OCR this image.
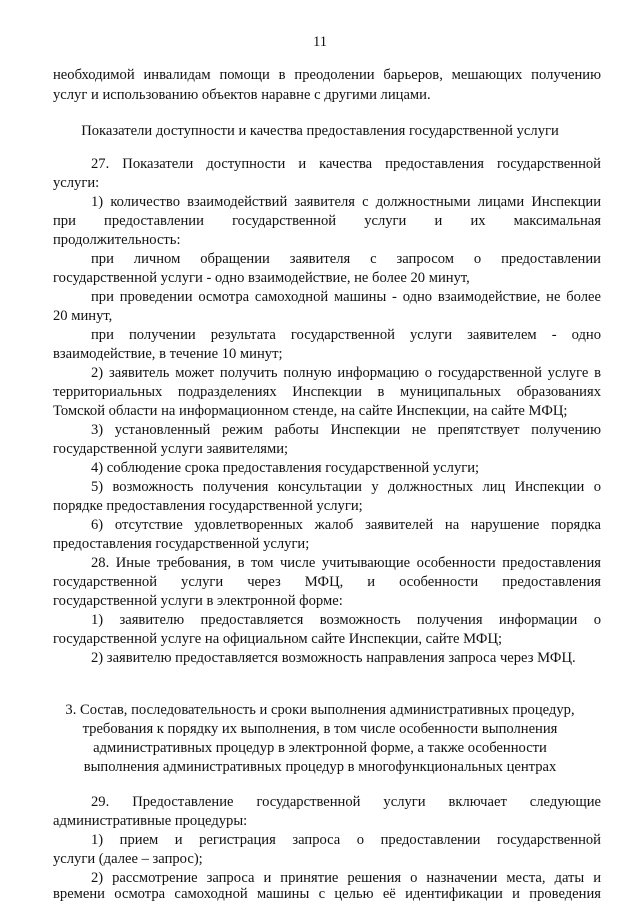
11
необходимой инвалидам помощи в преодолении барьеров, мешающих получению
услуг и использованию объектов наравне с другими лицами.
Показатели доступности и качества предоставления государственной услуги
27. Показатели доступности и качества предоставления государственной
услуги:
1) количество взаимодействий заявителя с должностными лицами Инспекции
при предоставлении государственной услуги и их максимальная
продолжительность:
при личном обращении заявителя с запросом о предоставлении
государственной услуги - одно взаимодействие, не более 20 минут,
при проведении осмотра самоходной машины - одно взаимодействие, не более
20 минут,
при получении результата государственной услуги заявителем - одно
взаимодействие, в течение 10 минут;
2) заявитель может получить полную информацию о государственной услуге в
территориальных подразделениях Инспекции в муниципальных образованиях
Томской области на информационном стенде, на сайте Инспекции, на сайте МФЦ;
3) установленный режим работы Инспекции не препятствует получению
государственной услуги заявителями;
4) соблюдение срока предоставления государственной услуги;
5) возможность получения консультации у должностных лиц Инспекции о
порядке предоставления государственной услуги;
6) отсутствие удовлетворенных жалоб заявителей на нарушение порядка
предоставления государственной услуги;
28. Иные требования, в том числе учитывающие особенности предоставления
государственной услуги через МФЦ, и особенности предоставления
государственной услуги в электронной форме:
1) заявителю предоставляется возможность получения информации о
государственной услуге на официальном сайте Инспекции, сайте МФЦ;
2) заявителю предоставляется возможность направления запроса через МФЦ.
3. Состав, последовательность и сроки выполнения административных процедур,
требования к порядку их выполнения, в том числе особенности выполнения
административных процедур в электронной форме, а также особенности
выполнения административных процедур в многофункциональных центрах
29. Предоставление государственной услуги включает следующие
административные процедуры:
1) прием и регистрация запроса о предоставлении государственной
услуги (далее – запрос);
2) рассмотрение запроса и принятие решения о назначении места, даты и
времени осмотра самоходной машины с целью её идентификации и проведения
